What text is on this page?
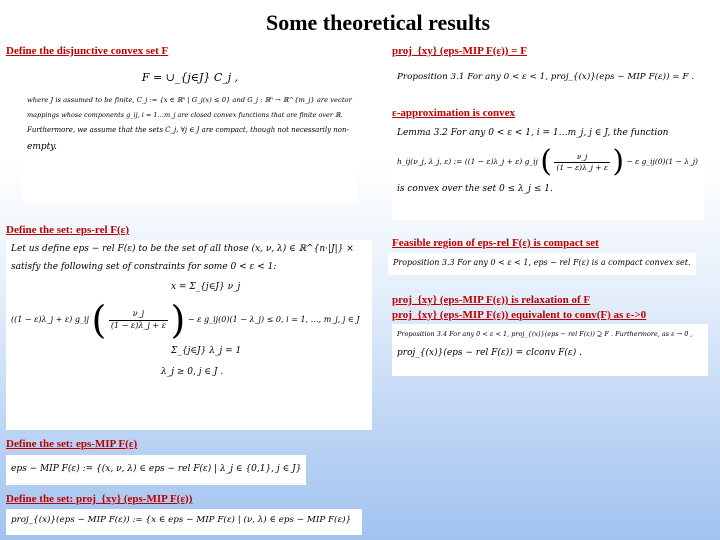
Some theoretical results
Define the disjunctive convex set F
F = ∪_{j∈J} C_j ,
where J is assumed to be finite, C_j := {x ∈ ℝⁿ | G_j(x) ≤ 0} and G_j : ℝⁿ → ℝ^{m_j} are vector
mappings whose components g_ij, i = 1…m_j are closed convex functions that are finite over ℝ.
Furthermore, we assume that the sets C_j, ∀j ∈ J are compact, though not necessarily non-
empty.
Define the set: eps-rel F(ε)
Let us define eps − rel F(ε) to be the set of all those (x, ν, λ) ∈ ℝ^{n·|J|} ×
satisfy the following set of constraints for some 0 < ε < 1:
x = Σ_{j∈J} ν_j
((1 − ε)λ_j + ε) g_ij ( $\frac{\nu\_j}{(1 - \varepsilon)\lambda\_j + \varepsilon}$ ) − ε g_ij(0)(1 − λ_j) ≤ 0, i = 1, …, m_j, j ∈ J
Σ_{j∈J} λ_j = 1
λ_j ≥ 0, j ∈ J .
Define the set: eps-MIP F(ε)
eps − MIP F(ε) := {(x, ν, λ) ∈ eps − rel F(ε) | λ_j ∈ {0,1}, j ∈ J}
Define the set: proj_{xy} (eps-MIP F(ε))
proj_{(x)}(eps − MIP F(ε)) := {x ∈ eps − MIP F(ε) | (ν, λ) ∈ eps − MIP F(ε)}
proj_{xy} (eps-MIP F(ε)) = F
Proposition 3.1 For any 0 < ε < 1, proj_{(x)}(eps − MIP F(ε)) = F .
ε-approximation is convex
Lemma 3.2 For any 0 < ε < 1, i = 1…m_j, j ∈ J, the function
h_ij(ν_j, λ_j, ε) := ((1 − ε)λ_j + ε) g_ij ( $\frac{\nu\_j}{(1 - \varepsilon)\lambda\_j + \varepsilon}$ ) − ε g_ij(0)(1 − λ_j)
is convex over the set 0 ≤ λ_j ≤ 1.
Feasible region of eps-rel F(ε) is compact set
Proposition 3.3 For any 0 < ε < 1, eps − rel F(ε) is a compact convex set.
proj_{xy} (eps-MIP F(ε)) is relaxation of F
proj_{xy} (eps-MIP F(ε)) equivalent to conv(F) as ε->0
Proposition 3.4 For any 0 < ε < 1, proj_{(x)}(eps − rel F(ε)) ⊇ F . Furthermore, as ε → 0 ,
proj_{(x)}(eps − rel F(ε)) = clconv F(ε) .
